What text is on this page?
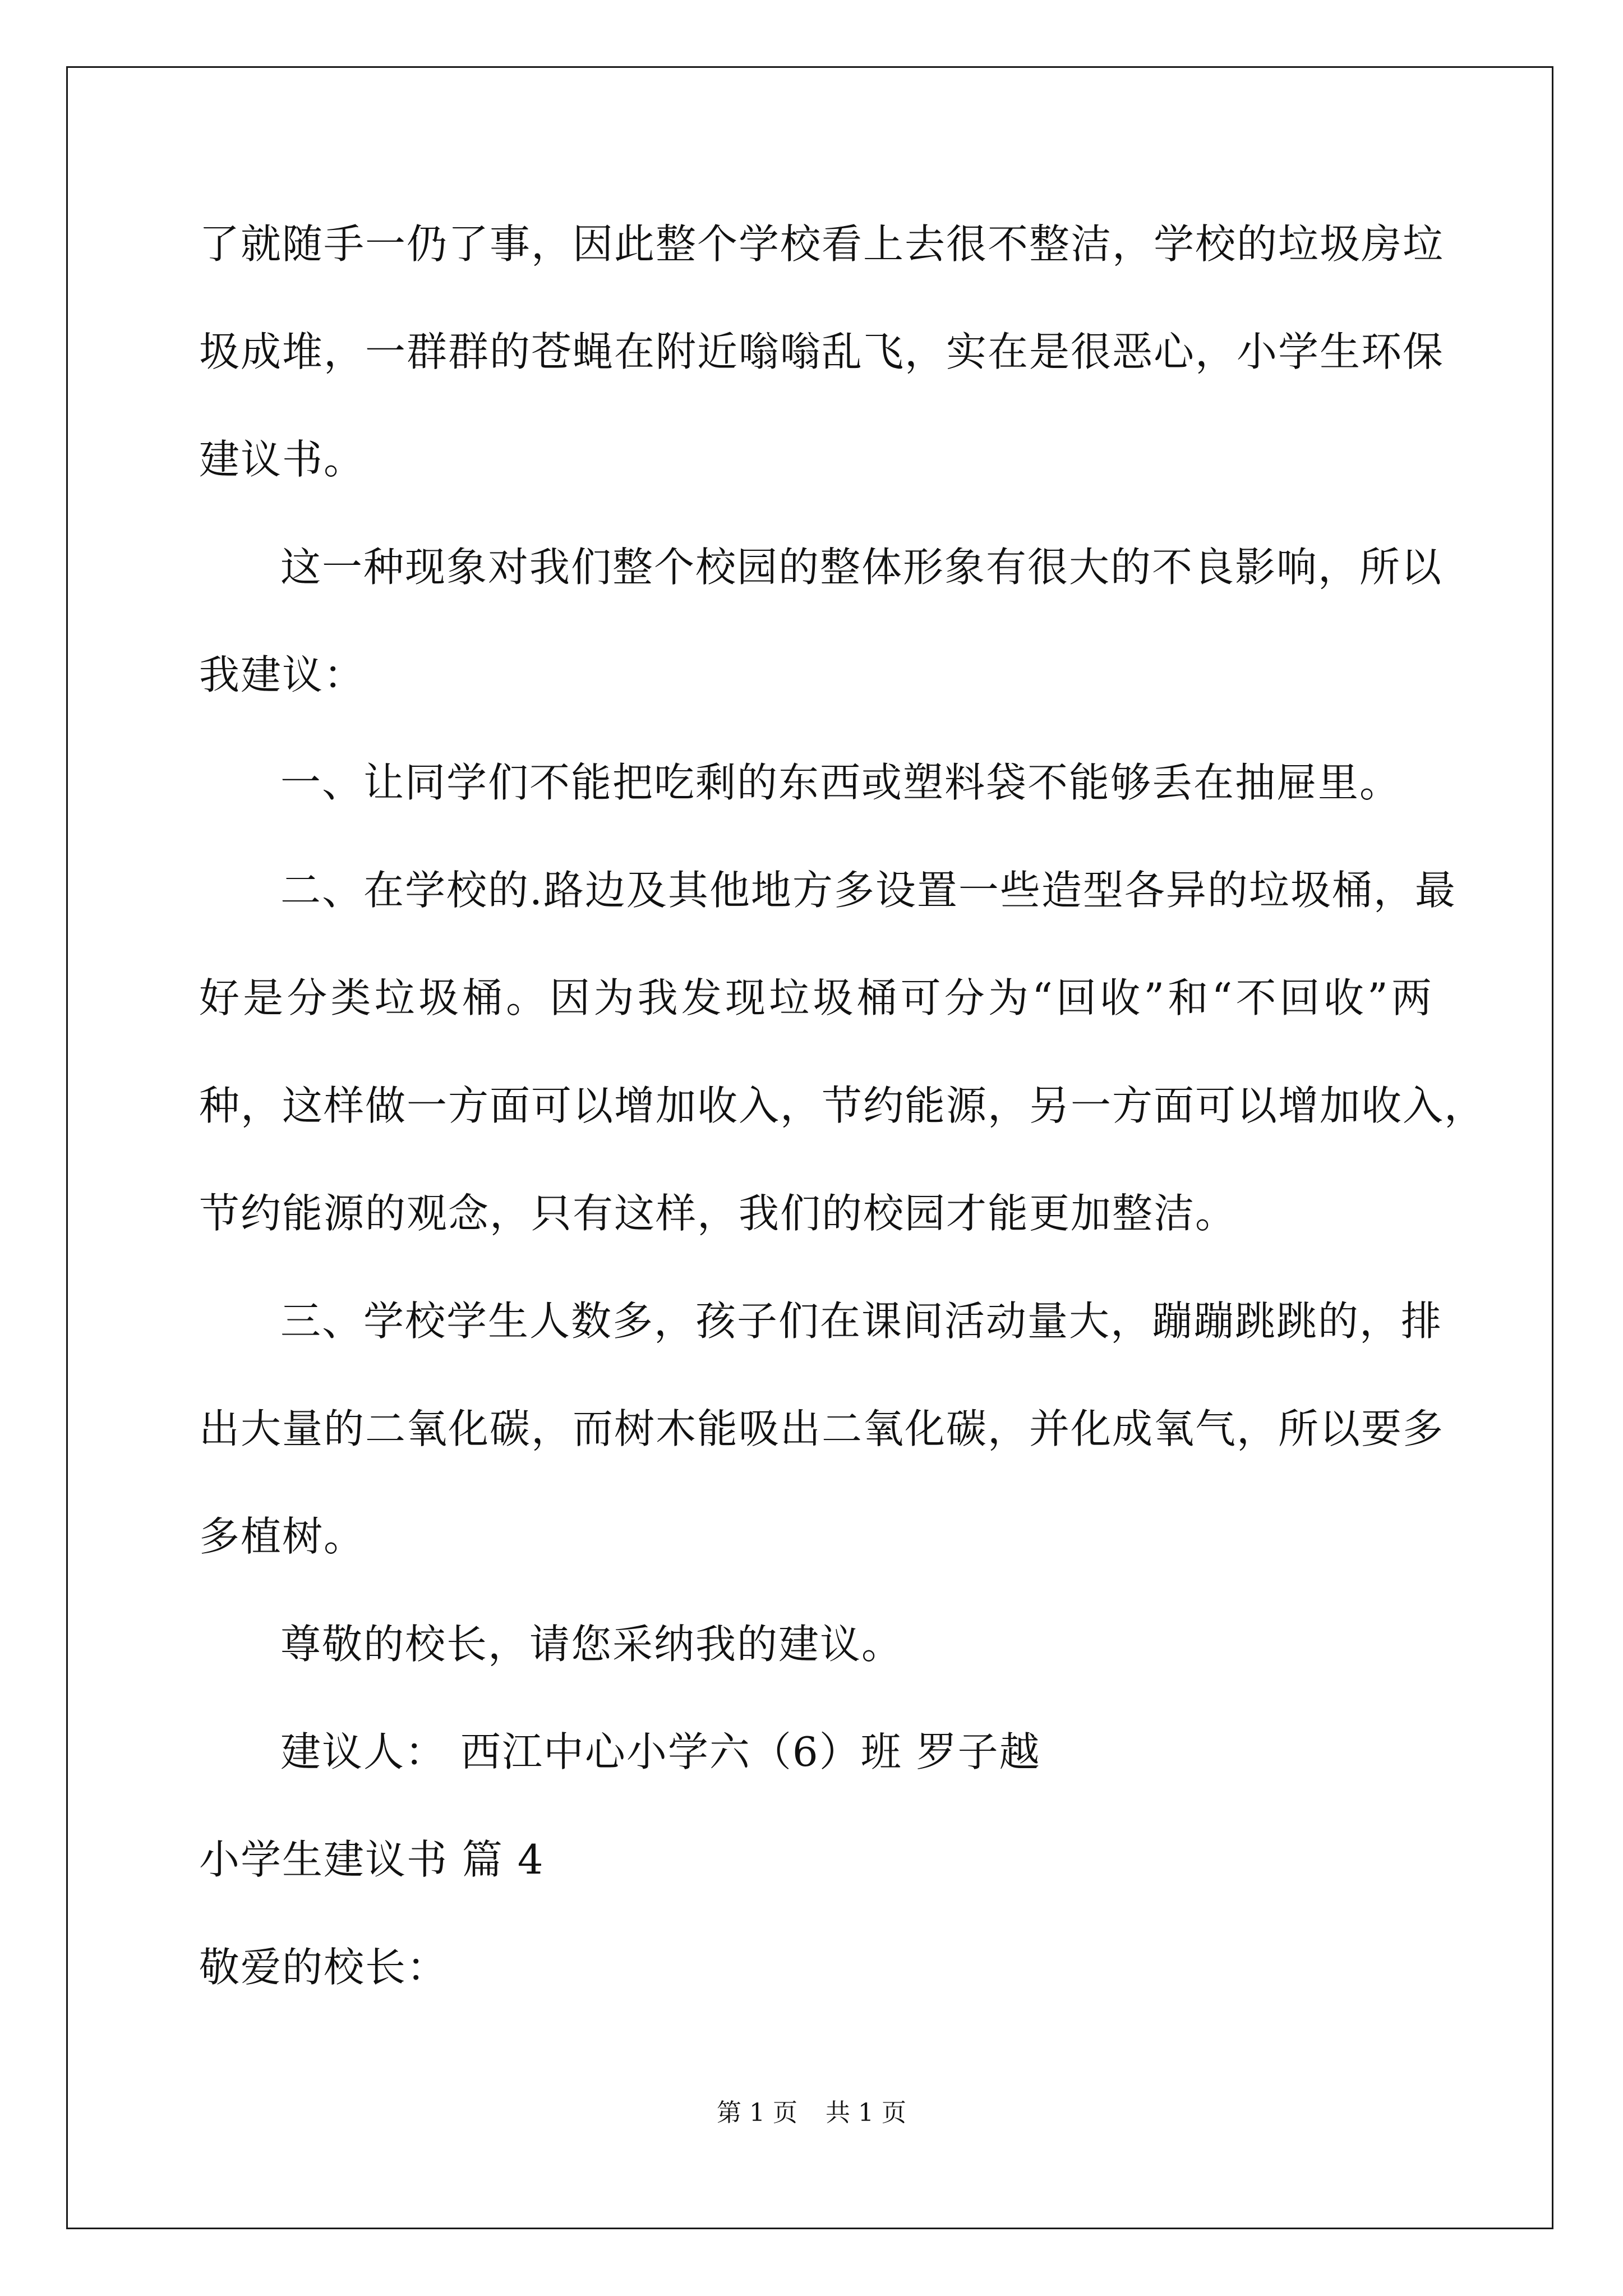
了就随手一仍了事，因此整个学校看上去很不整洁，学校的垃圾房垃
圾成堆，一群群的苍蝇在附近嗡嗡乱飞，实在是很恶心，小学生环保
建议书。
这一种现象对我们整个校园的整体形象有很大的不良影响，所以
我建议：
一、让同学们不能把吃剩的东西或塑料袋不能够丢在抽屉里。
二、在学校的.路边及其他地方多设置一些造型各异的垃圾桶，最
好是分类垃圾桶。因为我发现垃圾桶可分为“回收”和“不回收”两
种，这样做一方面可以增加收入，节约能源，另一方面可以增加收入，
节约能源的观念，只有这样，我们的校园才能更加整洁。
三、学校学生人数多，孩子们在课间活动量大，蹦蹦跳跳的，排
出大量的二氧化碳，而树木能吸出二氧化碳，并化成氧气，所以要多
多植树。
尊敬的校长，请您采纳我的建议。
建议人： 西江中心小学六（6）班 罗子越
小学生建议书 篇 4
敬爱的校长：
第 1 页 共 1 页
